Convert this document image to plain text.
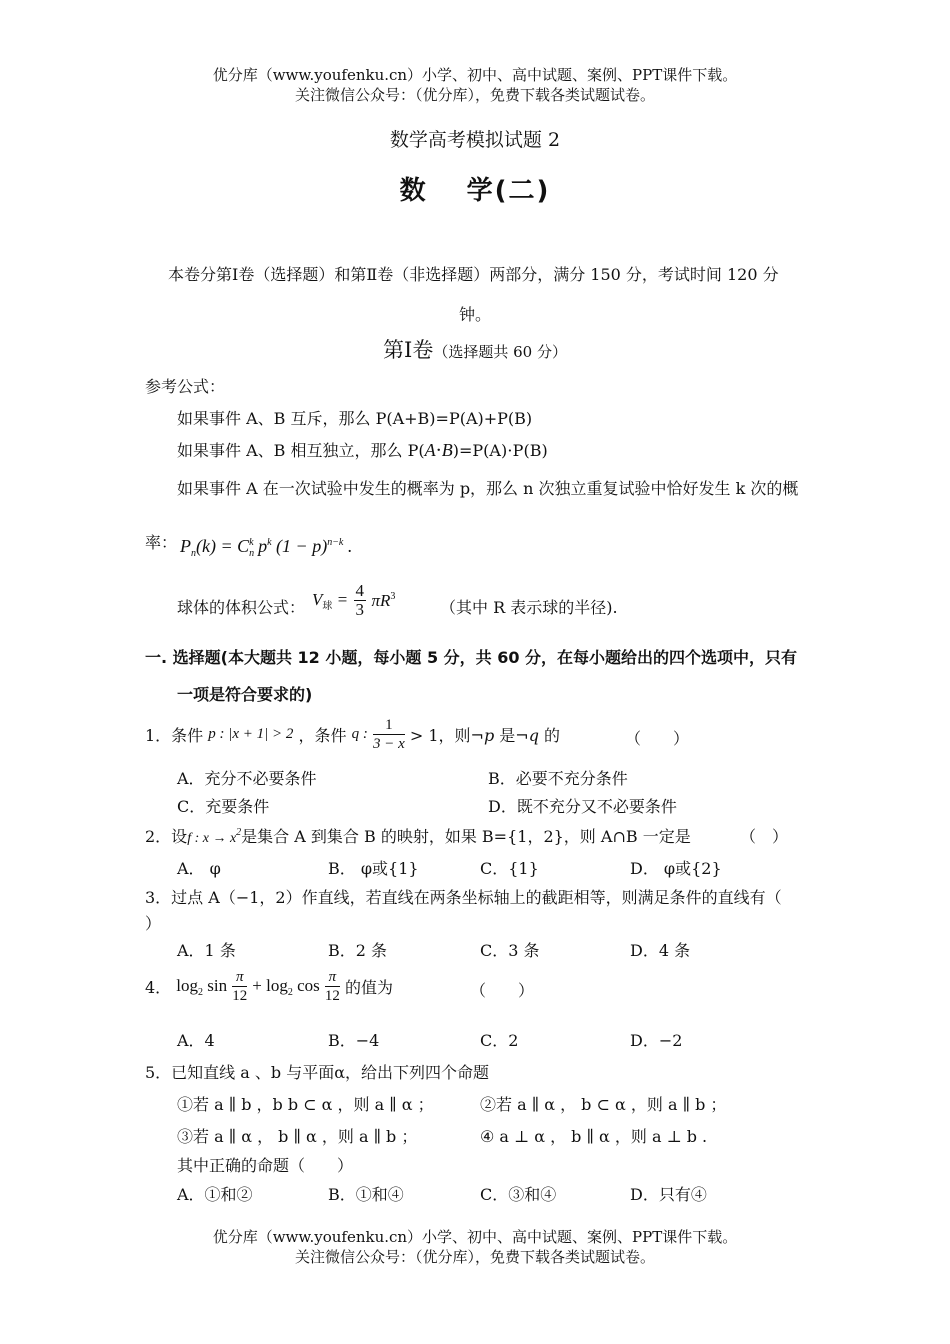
优分库（www.youfenku.cn）小学、初中、高中试题、案例、PPT课件下载。
关注微信公众号：（优分库），免费下载各类试题试卷。
数学高考模拟试题 2
数　 学(二)
本卷分第Ⅰ卷（选择题）和第Ⅱ卷（非选择题）两部分，满分 150 分，考试时间 120 分
钟。
第Ⅰ卷（选择题共 60 分）
参考公式：
如果事件 A、B 互斥，那么 P(A+B)=P(A)+P(B)
如果事件 A、B 相互独立，那么 P(A⋅B)=P(A)⋅P(B)
如果事件 A 在一次试验中发生的概率为 p，那么 n 次独立重复试验中恰好发生 k 次的概
率： $P_n(k) = C_n^k$ $p^k$ $(1 - p)^{n-k}$ .
球体的体积公式： $V_球 = \frac{4}{3} \pi R^3$
（其中 R 表示球的半径).
一. 选择题(本大题共 12 小题，每小题 5 分，共 60 分，在每小题给出的四个选项中，只有
一项是符合要求的)
1．条件 p : |x + 1| > 2 ，条件 q : $\frac{1}{3 - x} > 1$，则¬p 是¬q 的	（　　）
A．充分不必要条件	B．必要不充分条件
C．充要条件	D．既不充分又不必要条件
2．设f : $x \to x^2$是集合 A 到集合 B 的映射，如果 B={1，2}，则 A∩B 一定是	（　）
A． φ	B． φ或{1}	C．{1}	D． φ或{2}
3．过点 A（−1，2）作直线，若直线在两条坐标轴上的截距相等，则满足条件的直线有（
）
A．1 条	B．2 条	C．3 条	D．4 条
4． $\log_2 \sin \frac{\pi}{12} + \log_2 \cos \frac{\pi}{12}$ 的值为	（　　）
A．4	B．−4	C．2	D．−2
5．已知直线 a 、b 与平面α，给出下列四个命题
①若 a ∥ b ，b b ⊂ α ，则 a ∥ α ；	②若 a ∥ α ， b ⊂ α ，则 a ∥ b ；
③若 a ∥ α ， b ∥ α ，则 a ∥ b ；	④ a ⊥ α ， b ∥ α ，则 a ⊥ b .
其中正确的命题（　　）
A．①和②	B．①和④	C．③和④	D．只有④
优分库（www.youfenku.cn）小学、初中、高中试题、案例、PPT课件下载。
关注微信公众号：（优分库），免费下载各类试题试卷。
